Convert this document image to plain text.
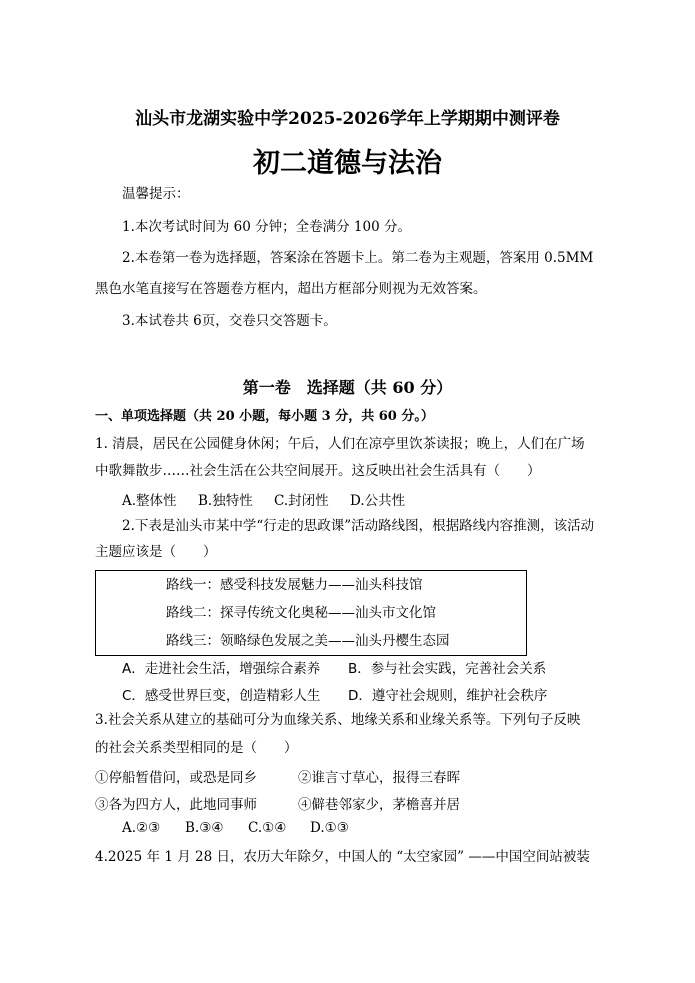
汕头市龙湖实验中学2025-2026学年上学期期中测评卷
初二道德与法治
温馨提示：
1.本次考试时间为 60 分钟；全卷满分 100 分。
2.本卷第一卷为选择题，答案涂在答题卡上。第二卷为主观题，答案用 0.5MM
黑色水笔直接写在答题卷方框内，超出方框部分则视为无效答案。
3.本试卷共 6页，交卷只交答题卡。
第一卷　选择题（共 60 分）
一、单项选择题（共 20 小题，每小题 3 分，共 60 分。）
1. 清晨，居民在公园健身休闲；午后，人们在凉亭里饮茶读报；晚上，人们在广场
中歌舞散步……社会生活在公共空间展开。这反映出社会生活具有（　　）
A.整体性 B.独特性 C.封闭性 D.公共性
2.下表是汕头市某中学“行走的思政课”活动路线图，根据路线内容推测，该活动
主题应该是（　　）
路线一：感受科技发展魅力——汕头科技馆
路线二：探寻传统文化奥秘——汕头市文化馆
路线三：领略绿色发展之美——汕头丹樱生态园
A．走进社会生活，增强综合素养 B．参与社会实践，完善社会关系
C．感受世界巨变，创造精彩人生 D．遵守社会规则，维护社会秩序
3.社会关系从建立的基础可分为血缘关系、地缘关系和业缘关系等。下列句子反映
的社会关系类型相同的是（　　）
①停船暂借问，或恐是同乡	②谁言寸草心，报得三春晖
③各为四方人，此地同事师	④僻巷邻家少，茅檐喜并居
A.②③ B.③④ C.①④ D.①③
4.2025 年 1 月 28 日，农历大年除夕，中国人的 “太空家园” ——中国空间站被装
